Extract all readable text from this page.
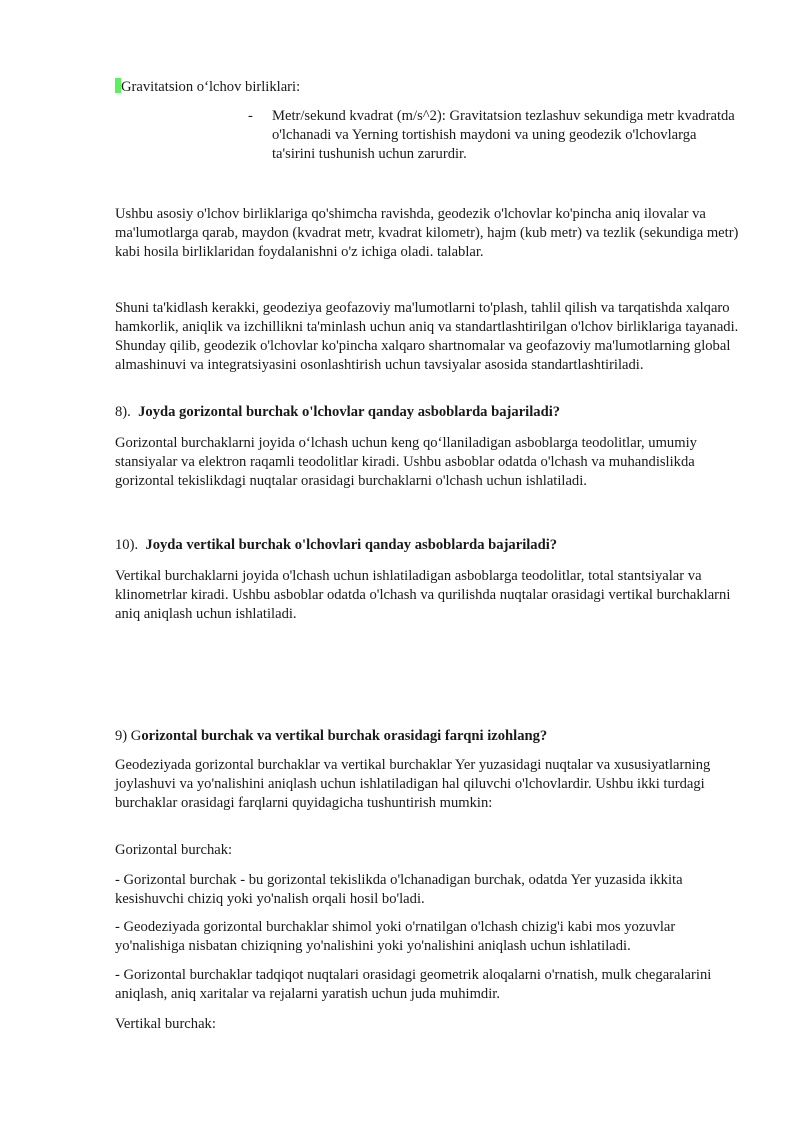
Gravitatsion o‘lchov birliklari:

- Metr/sekund kvadrat (m/s^2): Gravitatsion tezlashuv sekundiga metr kvadratda o'lchanadi va Yerning tortishish maydoni va uning geodezik o'lchovlarga ta'sirini tushunish uchun zarurdir.

Ushbu asosiy o'lchov birliklariga qo'shimcha ravishda, geodezik o'lchovlar ko'pincha aniq ilovalar va ma'lumotlarga qarab, maydon (kvadrat metr, kvadrat kilometr), hajm (kub metr) va tezlik (sekundiga metr) kabi hosila birliklaridan foydalanishni o'z ichiga oladi. talablar.

Shuni ta'kidlash kerakki, geodeziya geofazoviy ma'lumotlarni to'plash, tahlil qilish va tarqatishda xalqaro hamkorlik, aniqlik va izchillikni ta'minlash uchun aniq va standartlashtirilgan o'lchov birliklariga tayanadi. Shunday qilib, geodezik o'lchovlar ko'pincha xalqaro shartnomalar va geofazoviy ma'lumotlarning global almashinuvi va integratsiyasini osonlashtirish uchun tavsiyalar asosida standartlashtiriladi.

8). Joyda gorizontal burchak o'lchovlar qanday asboblarda bajariladi?

Gorizontal burchaklarni joyida o‘lchash uchun keng qo‘llaniladigan asboblarga teodolitlar, umumiy stansiyalar va elektron raqamli teodolitlar kiradi. Ushbu asboblar odatda o'lchash va muhandislikda gorizontal tekislikdagi nuqtalar orasidagi burchaklarni o'lchash uchun ishlatiladi.

10). Joyda vertikal burchak o'lchovlari qanday asboblarda bajariladi?

Vertikal burchaklarni joyida o'lchash uchun ishlatiladigan asboblarga teodolitlar, total stantsiyalar va klinometrlar kiradi. Ushbu asboblar odatda o'lchash va qurilishda nuqtalar orasidagi vertikal burchaklarni aniq aniqlash uchun ishlatiladi.

9) Gorizontal burchak va vertikal burchak orasidagi farqni izohlang?

Geodeziyada gorizontal burchaklar va vertikal burchaklar Yer yuzasidagi nuqtalar va xususiyatlarning joylashuvi va yo'nalishini aniqlash uchun ishlatiladigan hal qiluvchi o'lchovlardir. Ushbu ikki turdagi burchaklar orasidagi farqlarni quyidagicha tushuntirish mumkin:

Gorizontal burchak:

- Gorizontal burchak - bu gorizontal tekislikda o'lchanadigan burchak, odatda Yer yuzasida ikkita kesishuvchi chiziq yoki yo'nalish orqali hosil bo'ladi.

- Geodeziyada gorizontal burchaklar shimol yoki o'rnatilgan o'lchash chizig'i kabi mos yozuvlar yo'nalishiga nisbatan chiziqning yo'nalishini yoki yo'nalishini aniqlash uchun ishlatiladi.

- Gorizontal burchaklar tadqiqot nuqtalari orasidagi geometrik aloqalarni o'rnatish, mulk chegaralarini aniqlash, aniq xaritalar va rejalarni yaratish uchun juda muhimdir.

Vertikal burchak:
